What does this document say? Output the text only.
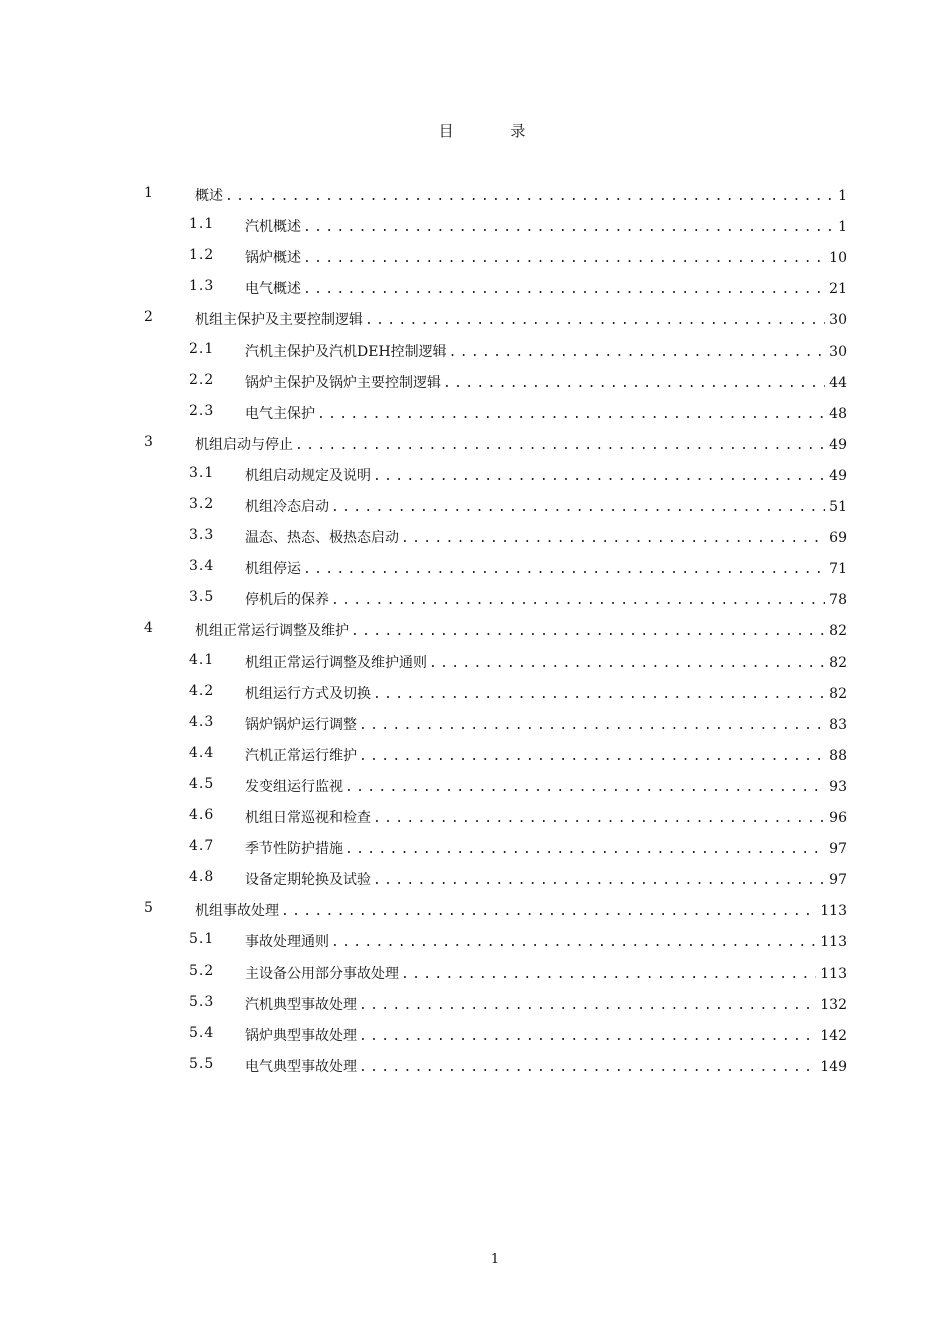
目 录
1	概述 .....	1
1.1 汽机概述 .....	1
1.2 锅炉概述 .....	10
1.3 电气概述 .....	21
2	机组主保护及主要控制逻辑 .....	30
2.1 汽机主保护及汽机DEH控制逻辑 .....	30
2.2 锅炉主保护及锅炉主要控制逻辑 .....	44
2.3 电气主保护 .....	48
3	机组启动与停止 .....	49
3.1 机组启动规定及说明 .....	49
3.2 机组冷态启动 .....	51
3.3 温态、热态、极热态启动 .....	69
3.4 机组停运 .....	71
3.5 停机后的保养 .....	78
4	机组正常运行调整及维护 .....	82
4.1 机组正常运行调整及维护通则 .....	82
4.2 机组运行方式及切换 .....	82
4.3 锅炉锅炉运行调整 .....	83
4.4 汽机正常运行维护 .....	88
4.5 发变组运行监视 .....	93
4.6 机组日常巡视和检查 .....	96
4.7 季节性防护措施 .....	97
4.8 设备定期轮换及试验 .....	97
5	机组事故处理 .....	113
5.1 事故处理通则 .....	113
5.2 主设备公用部分事故处理 .....	113
5.3 汽机典型事故处理 .....	132
5.4 锅炉典型事故处理 .....	142
5.5 电气典型事故处理 .....	149
1
